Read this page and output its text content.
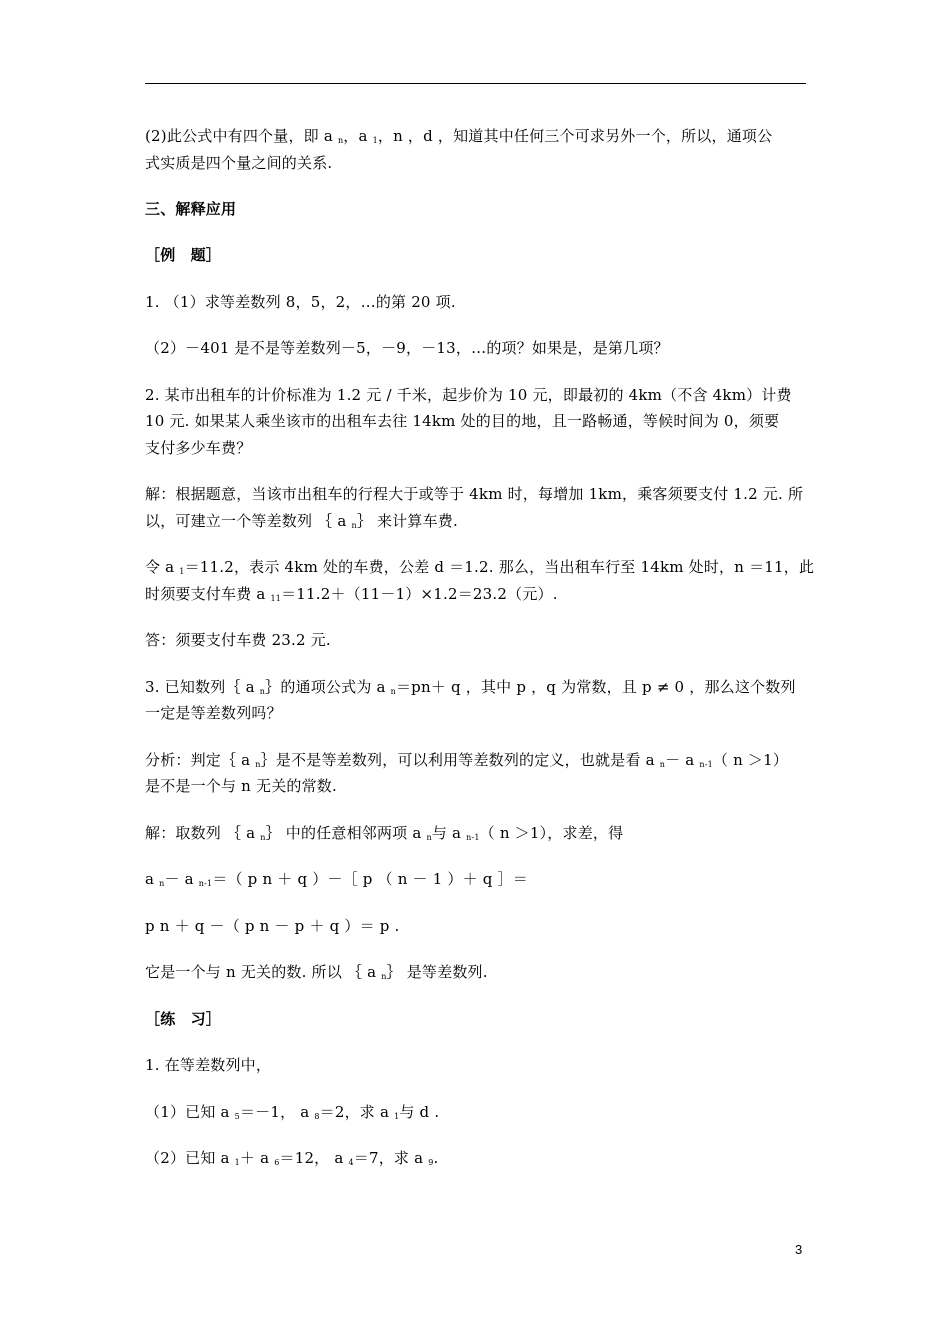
(2)此公式中有四个量，即 a $_n$，a $_1$，n ，d ，知道其中任何三个可求另外一个，所以，通项公
式实质是四个量之间的关系.
三、解释应用
［例　题］
1. （1）求等差数列 8，5，2，…的第 20 项.
（2）－401 是不是等差数列－5，－9，－13，…的项？如果是，是第几项？
2. 某市出租车的计价标准为 1.2 元 / 千米，起步价为 10 元，即最初的 4km（不含 4km）计费
10 元. 如果某人乘坐该市的出租车去往 14km 处的目的地，且一路畅通，等候时间为 0，须要
支付多少车费？
解：根据题意，当该市出租车的行程大于或等于 4km 时，每增加 1km，乘客须要支付 1.2 元. 所
以，可建立一个等差数列 ｛ a $_n$｝ 来计算车费.
令 a $_1$＝11.2，表示 4km 处的车费，公差 d ＝1.2. 那么，当出租车行至 14km 处时，n ＝11，此
时须要支付车费 a $_{11}$＝11.2＋（11－1）×1.2＝23.2（元）.
答：须要支付车费 23.2 元.
3. 已知数列｛ a $_n$｝的通项公式为 a $_n$＝pn＋ q ，其中 p ，q 为常数，且 p ≠ 0 ，那么这个数列
一定是等差数列吗？
分析：判定｛ a $_n$｝是不是等差数列，可以利用等差数列的定义，也就是看 a $_n$－ a $_{n-1}$（ n ＞1）
是不是一个与 n 无关的常数.
解：取数列 ｛ a $_n$｝ 中的任意相邻两项 a $_n$与 a $_{n-1}$（ n ＞1），求差，得
a $_n$－ a $_{n-1}$＝（ p n ＋ q ）－［ p （ n － 1 ）＋ q ］＝
p n ＋ q －（ p n － p ＋ q ）＝ p .
它是一个与 n 无关的数. 所以 ｛ a $_n$｝ 是等差数列.
［练　习］
1. 在等差数列中，
（1）已知 a $_5$＝－1， a $_8$＝2，求 a $_1$与 d .
（2）已知 a $_1$＋ a $_6$＝12， a $_4$＝7，求 a $_9$.
3
